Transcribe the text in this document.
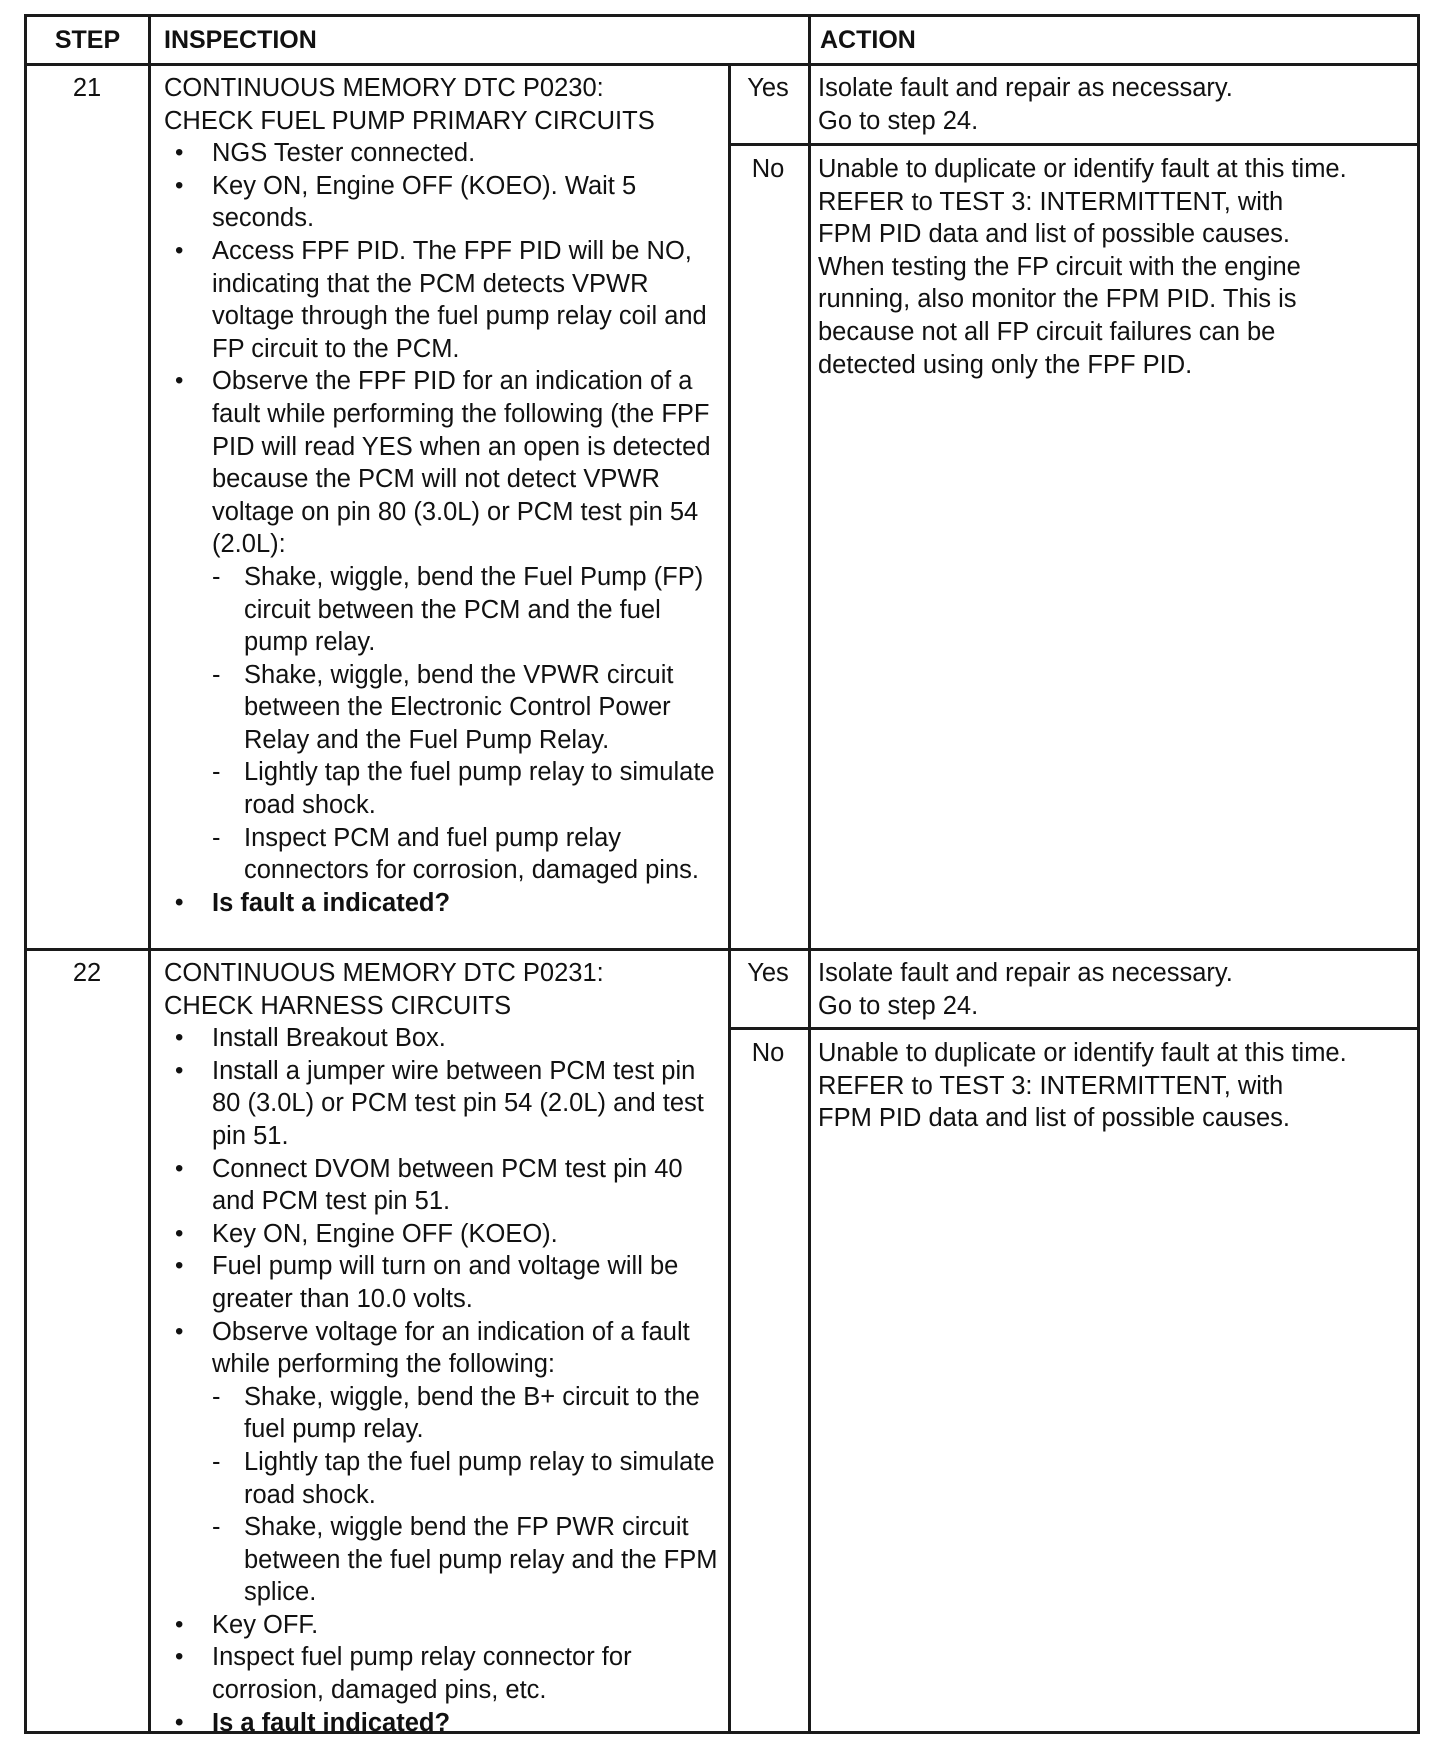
STEP	INSPECTION	ACTION
21	CONTINUOUS MEMORY DTC P0230:
CHECK FUEL PUMP PRIMARY CIRCUITS
• NGS Tester connected.
• Key ON, Engine OFF (KOEO). Wait 5 seconds.
• Access FPF PID. The FPF PID will be NO, indicating that the PCM detects VPWR voltage through the fuel pump relay coil and FP circuit to the PCM.
• Observe the FPF PID for an indication of a fault while performing the following (the FPF PID will read YES when an open is detected because the PCM will not detect VPWR voltage on pin 80 (3.0L) or PCM test pin 54 (2.0L):
- Shake, wiggle, bend the Fuel Pump (FP) circuit between the PCM and the fuel pump relay.
- Shake, wiggle, bend the VPWR circuit between the Electronic Control Power Relay and the Fuel Pump Relay.
- Lightly tap the fuel pump relay to simulate road shock.
- Inspect PCM and fuel pump relay connectors for corrosion, damaged pins.
• Is fault a indicated?
Yes	Isolate fault and repair as necessary.
Go to step 24.
No	Unable to duplicate or identify fault at this time.
REFER to TEST 3: INTERMITTENT, with
FPM PID data and list of possible causes.
When testing the FP circuit with the engine
running, also monitor the FPM PID. This is
because not all FP circuit failures can be
detected using only the FPF PID.
22	CONTINUOUS MEMORY DTC P0231:
CHECK HARNESS CIRCUITS
• Install Breakout Box.
• Install a jumper wire between PCM test pin 80 (3.0L) or PCM test pin 54 (2.0L) and test pin 51.
• Connect DVOM between PCM test pin 40 and PCM test pin 51.
• Key ON, Engine OFF (KOEO).
• Fuel pump will turn on and voltage will be greater than 10.0 volts.
• Observe voltage for an indication of a fault while performing the following:
- Shake, wiggle, bend the B+ circuit to the fuel pump relay.
- Lightly tap the fuel pump relay to simulate road shock.
- Shake, wiggle bend the FP PWR circuit between the fuel pump relay and the FPM splice.
• Key OFF.
• Inspect fuel pump relay connector for corrosion, damaged pins, etc.
• Is a fault indicated?
Yes	Isolate fault and repair as necessary.
Go to step 24.
No	Unable to duplicate or identify fault at this time.
REFER to TEST 3: INTERMITTENT, with
FPM PID data and list of possible causes.
